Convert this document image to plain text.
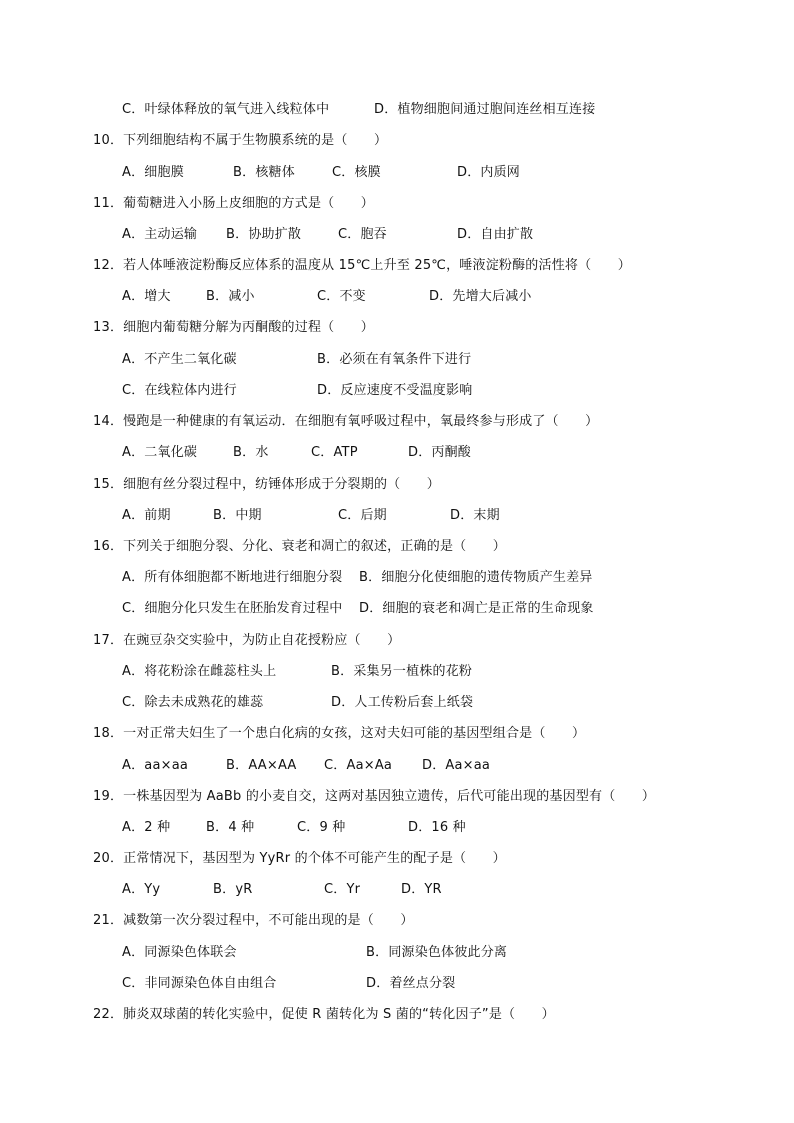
C．叶绿体释放的氧气进入线粒体中	D．植物细胞间通过胞间连丝相互连接
10．下列细胞结构不属于生物膜系统的是（　　）
A．细胞膜	B．核糖体	C．核膜	D．内质网
11．葡萄糖进入小肠上皮细胞的方式是（　　）
A．主动运输 B．协助扩散	C．胞吞	D．自由扩散
12．若人体唾液淀粉酶反应体系的温度从 15℃上升至 25℃，唾液淀粉酶的活性将（　　）
A．增大	B．减小	C．不变	D．先增大后减小
13．细胞内葡萄糖分解为丙酮酸的过程（　　）
A．不产生二氧化碳	B．必须在有氧条件下进行
C．在线粒体内进行	D．反应速度不受温度影响
14．慢跑是一种健康的有氧运动．在细胞有氧呼吸过程中，氧最终参与形成了（　　）
A．二氧化碳	B．水	C．ATP	D．丙酮酸
15．细胞有丝分裂过程中，纺锤体形成于分裂期的（　　）
A．前期	B．中期	C．后期	D．末期
16．下列关于细胞分裂、分化、衰老和凋亡的叙述，正确的是（　　）
A．所有体细胞都不断地进行细胞分裂 B．细胞分化使细胞的遗传物质产生差异
C．细胞分化只发生在胚胎发育过程中 D．细胞的衰老和凋亡是正常的生命现象
17．在豌豆杂交实验中，为防止自花授粉应（　　）
A．将花粉涂在雌蕊柱头上	B．采集另一植株的花粉
C．除去未成熟花的雄蕊	D．人工传粉后套上纸袋
18．一对正常夫妇生了一个患白化病的女孩，这对夫妇可能的基因型组合是（　　）
A．aa×aa	B．AA×AA C．Aa×Aa D．Aa×aa
19．一株基因型为 AaBb 的小麦自交，这两对基因独立遗传，后代可能出现的基因型有（　　）
A．2 种	B．4 种	C．9 种	D．16 种
20．正常情况下，基因型为 YyRr 的个体不可能产生的配子是（　　）
A．Yy	B．yR	C．Yr	D．YR
21．减数第一次分裂过程中，不可能出现的是（　　）
A．同源染色体联会	B．同源染色体彼此分离
C．非同源染色体自由组合	D．着丝点分裂
22．肺炎双球菌的转化实验中，促使 R 菌转化为 S 菌的“转化因子”是（　　）
